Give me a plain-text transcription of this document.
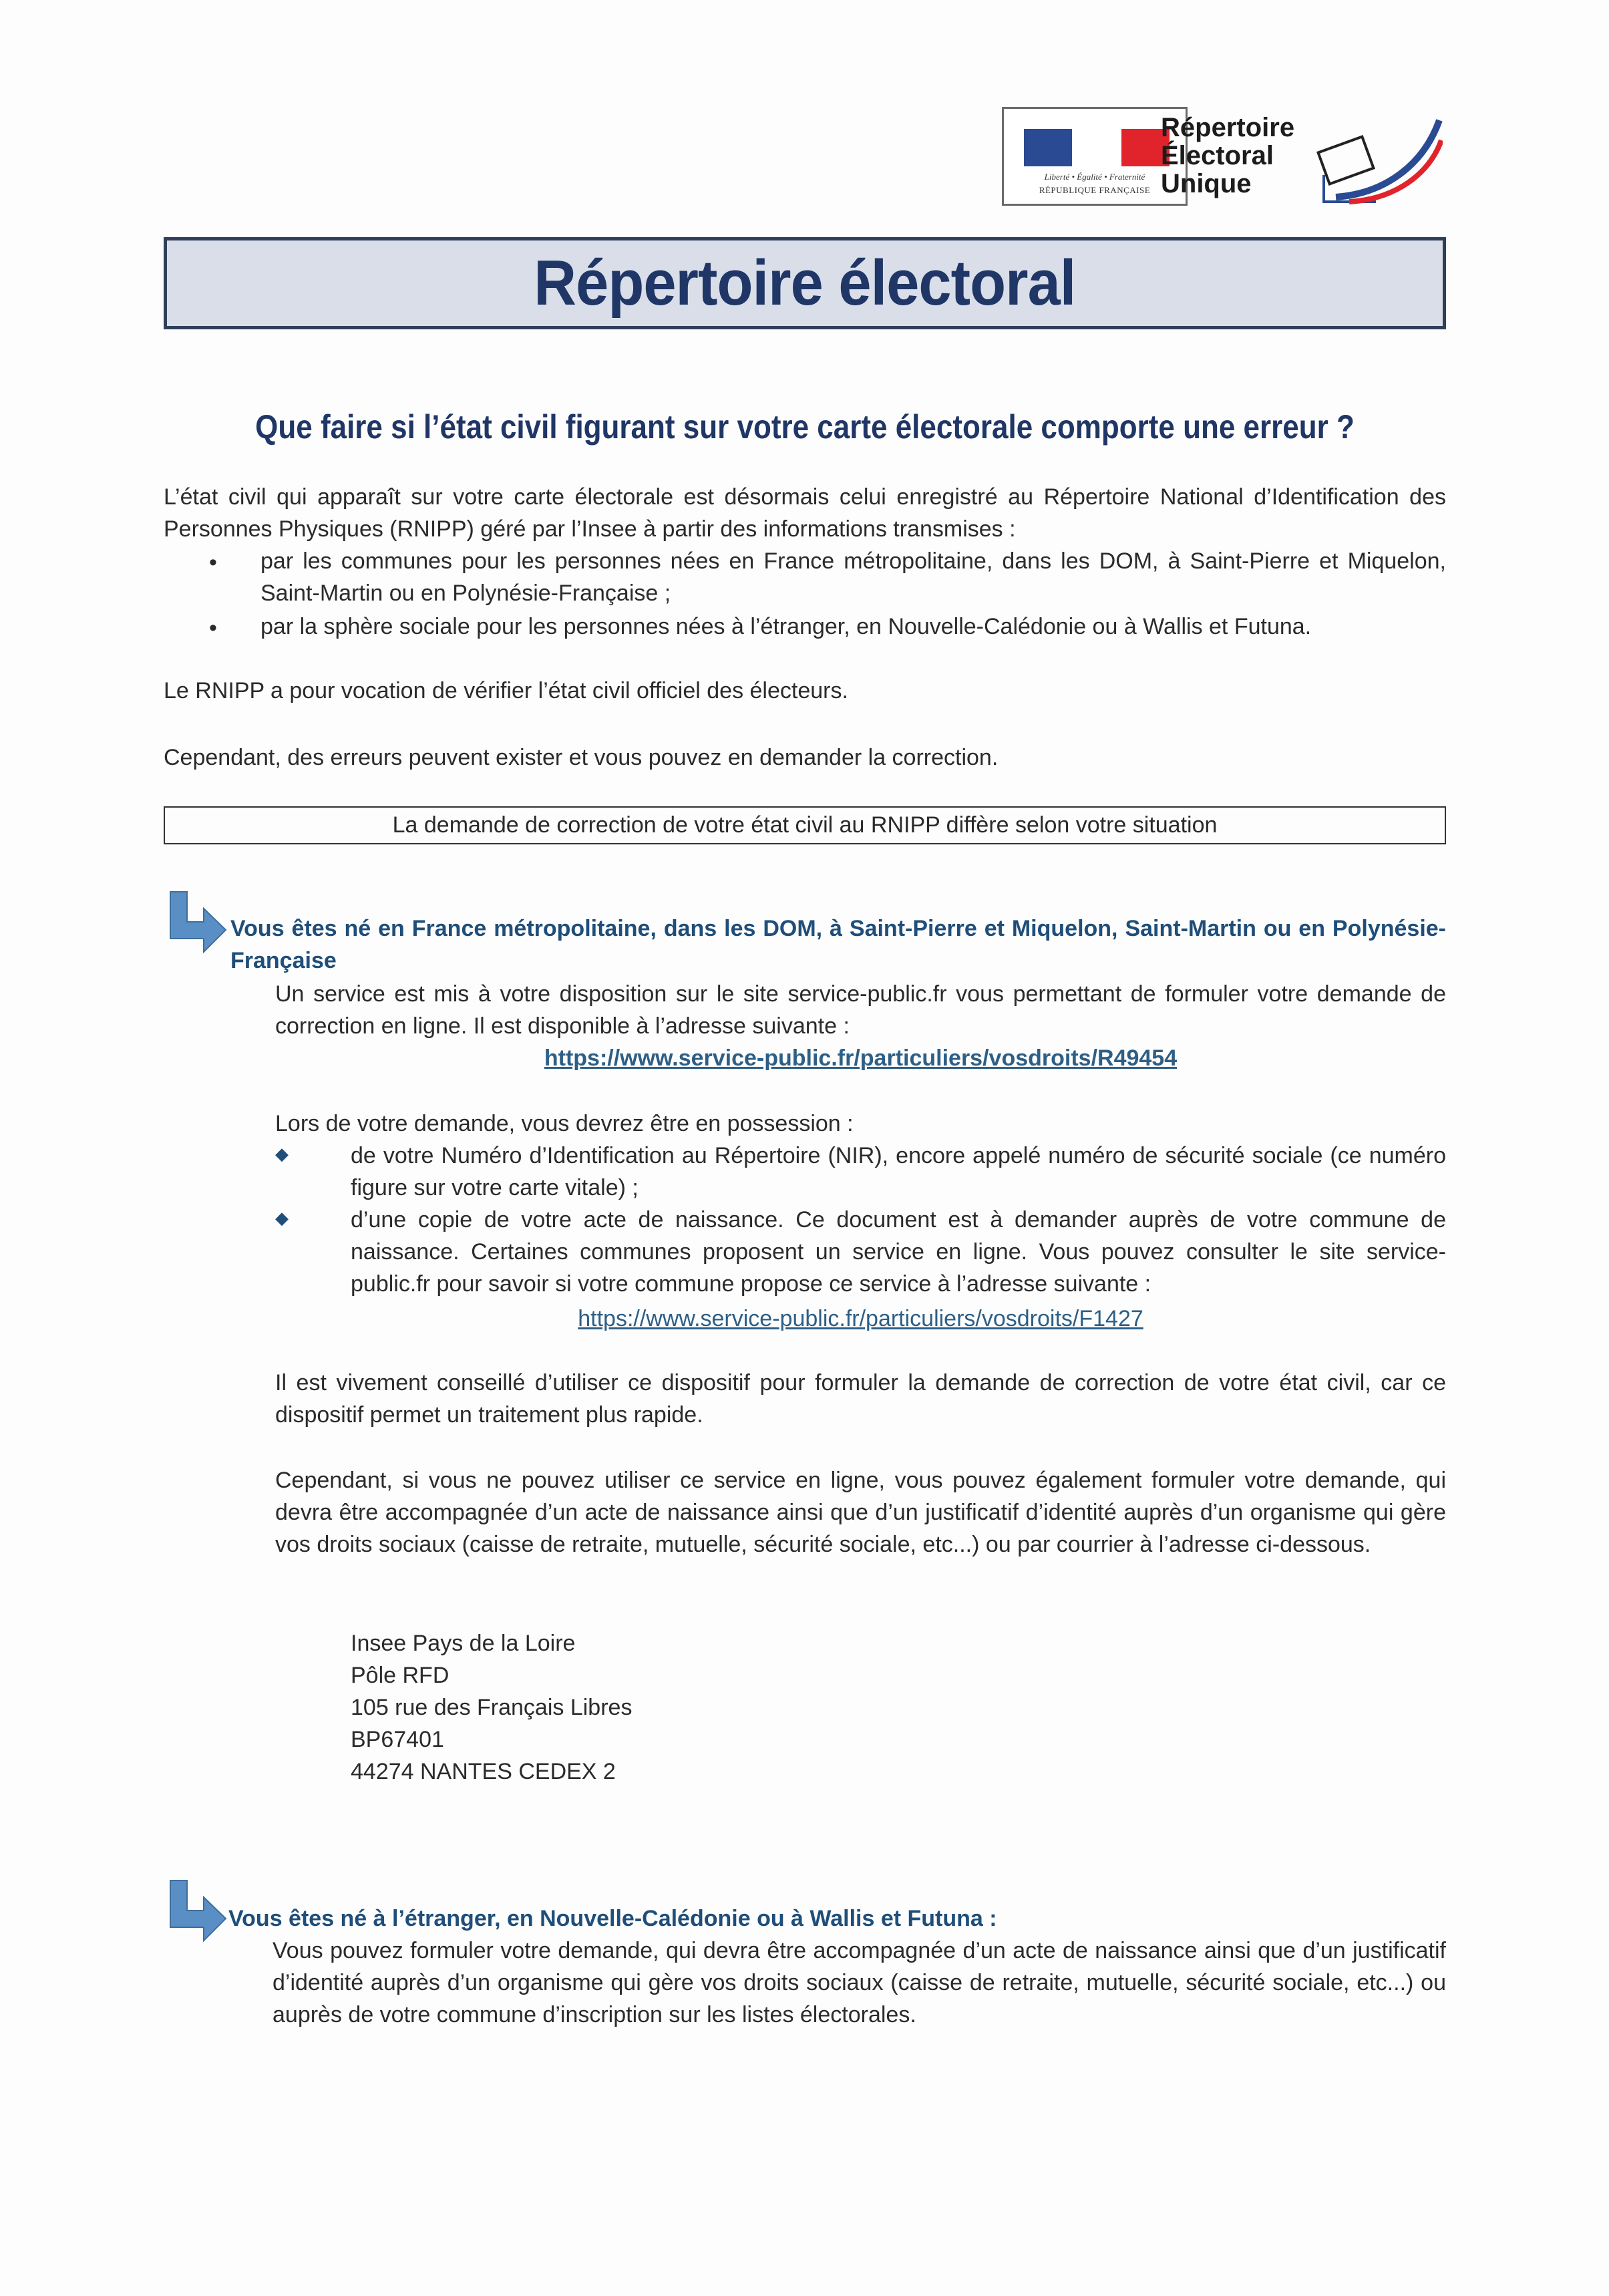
Liberté • Égalité • Fraternité
RÉPUBLIQUE FRANÇAISE
Répertoire
Électoral
Unique
Répertoire électoral
Que faire si l’état civil figurant sur votre carte électorale comporte une erreur ?
L’état civil qui apparaît sur votre carte électorale est désormais celui enregistré au Répertoire National d’Identification des Personnes Physiques (RNIPP) géré par l’Insee à partir des informations transmises :
• par les communes pour les personnes nées en France métropolitaine, dans les DOM, à Saint-Pierre et Miquelon, Saint-Martin ou en Polynésie-Française ;
• par la sphère sociale pour les personnes nées à l’étranger, en Nouvelle-Calédonie ou à Wallis et Futuna.
Le RNIPP a pour vocation de vérifier l’état civil officiel des électeurs.
Cependant, des erreurs peuvent exister et vous pouvez en demander la correction.
La demande de correction de votre état civil au RNIPP diffère selon votre situation
Vous êtes né en France métropolitaine, dans les DOM, à Saint-Pierre et Miquelon, Saint-Martin ou en Polynésie-Française
Un service est mis à votre disposition sur le site service-public.fr vous permettant de formuler votre demande de correction en ligne. Il est disponible à l’adresse suivante :
https://www.service-public.fr/particuliers/vosdroits/R49454
Lors de votre demande, vous devrez être en possession :
◆	de votre Numéro d’Identification au Répertoire (NIR), encore appelé numéro de sécurité sociale (ce numéro figure sur votre carte vitale) ;
◆	d’une copie de votre acte de naissance. Ce document est à demander auprès de votre commune de naissance. Certaines communes proposent un service en ligne. Vous pouvez consulter le site service-public.fr pour savoir si votre commune propose ce service à l’adresse suivante :
https://www.service-public.fr/particuliers/vosdroits/F1427
Il est vivement conseillé d’utiliser ce dispositif pour formuler la demande de correction de votre état civil, car ce dispositif permet un traitement plus rapide.
Cependant, si vous ne pouvez utiliser ce service en ligne, vous pouvez également formuler votre demande, qui devra être accompagnée d’un acte de naissance ainsi que d’un justificatif d’identité auprès d’un organisme qui gère vos droits sociaux (caisse de retraite, mutuelle, sécurité sociale, etc...) ou par courrier à l’adresse ci-dessous.
Insee Pays de la Loire
Pôle RFD
105 rue des Français Libres
BP67401
44274 NANTES CEDEX 2
Vous êtes né à l’étranger, en Nouvelle-Calédonie ou à Wallis et Futuna :
Vous pouvez formuler votre demande, qui devra être accompagnée d’un acte de naissance ainsi que d’un justificatif d’identité auprès d’un organisme qui gère vos droits sociaux (caisse de retraite, mutuelle, sécurité sociale, etc...) ou auprès de votre commune d’inscription sur les listes électorales.
